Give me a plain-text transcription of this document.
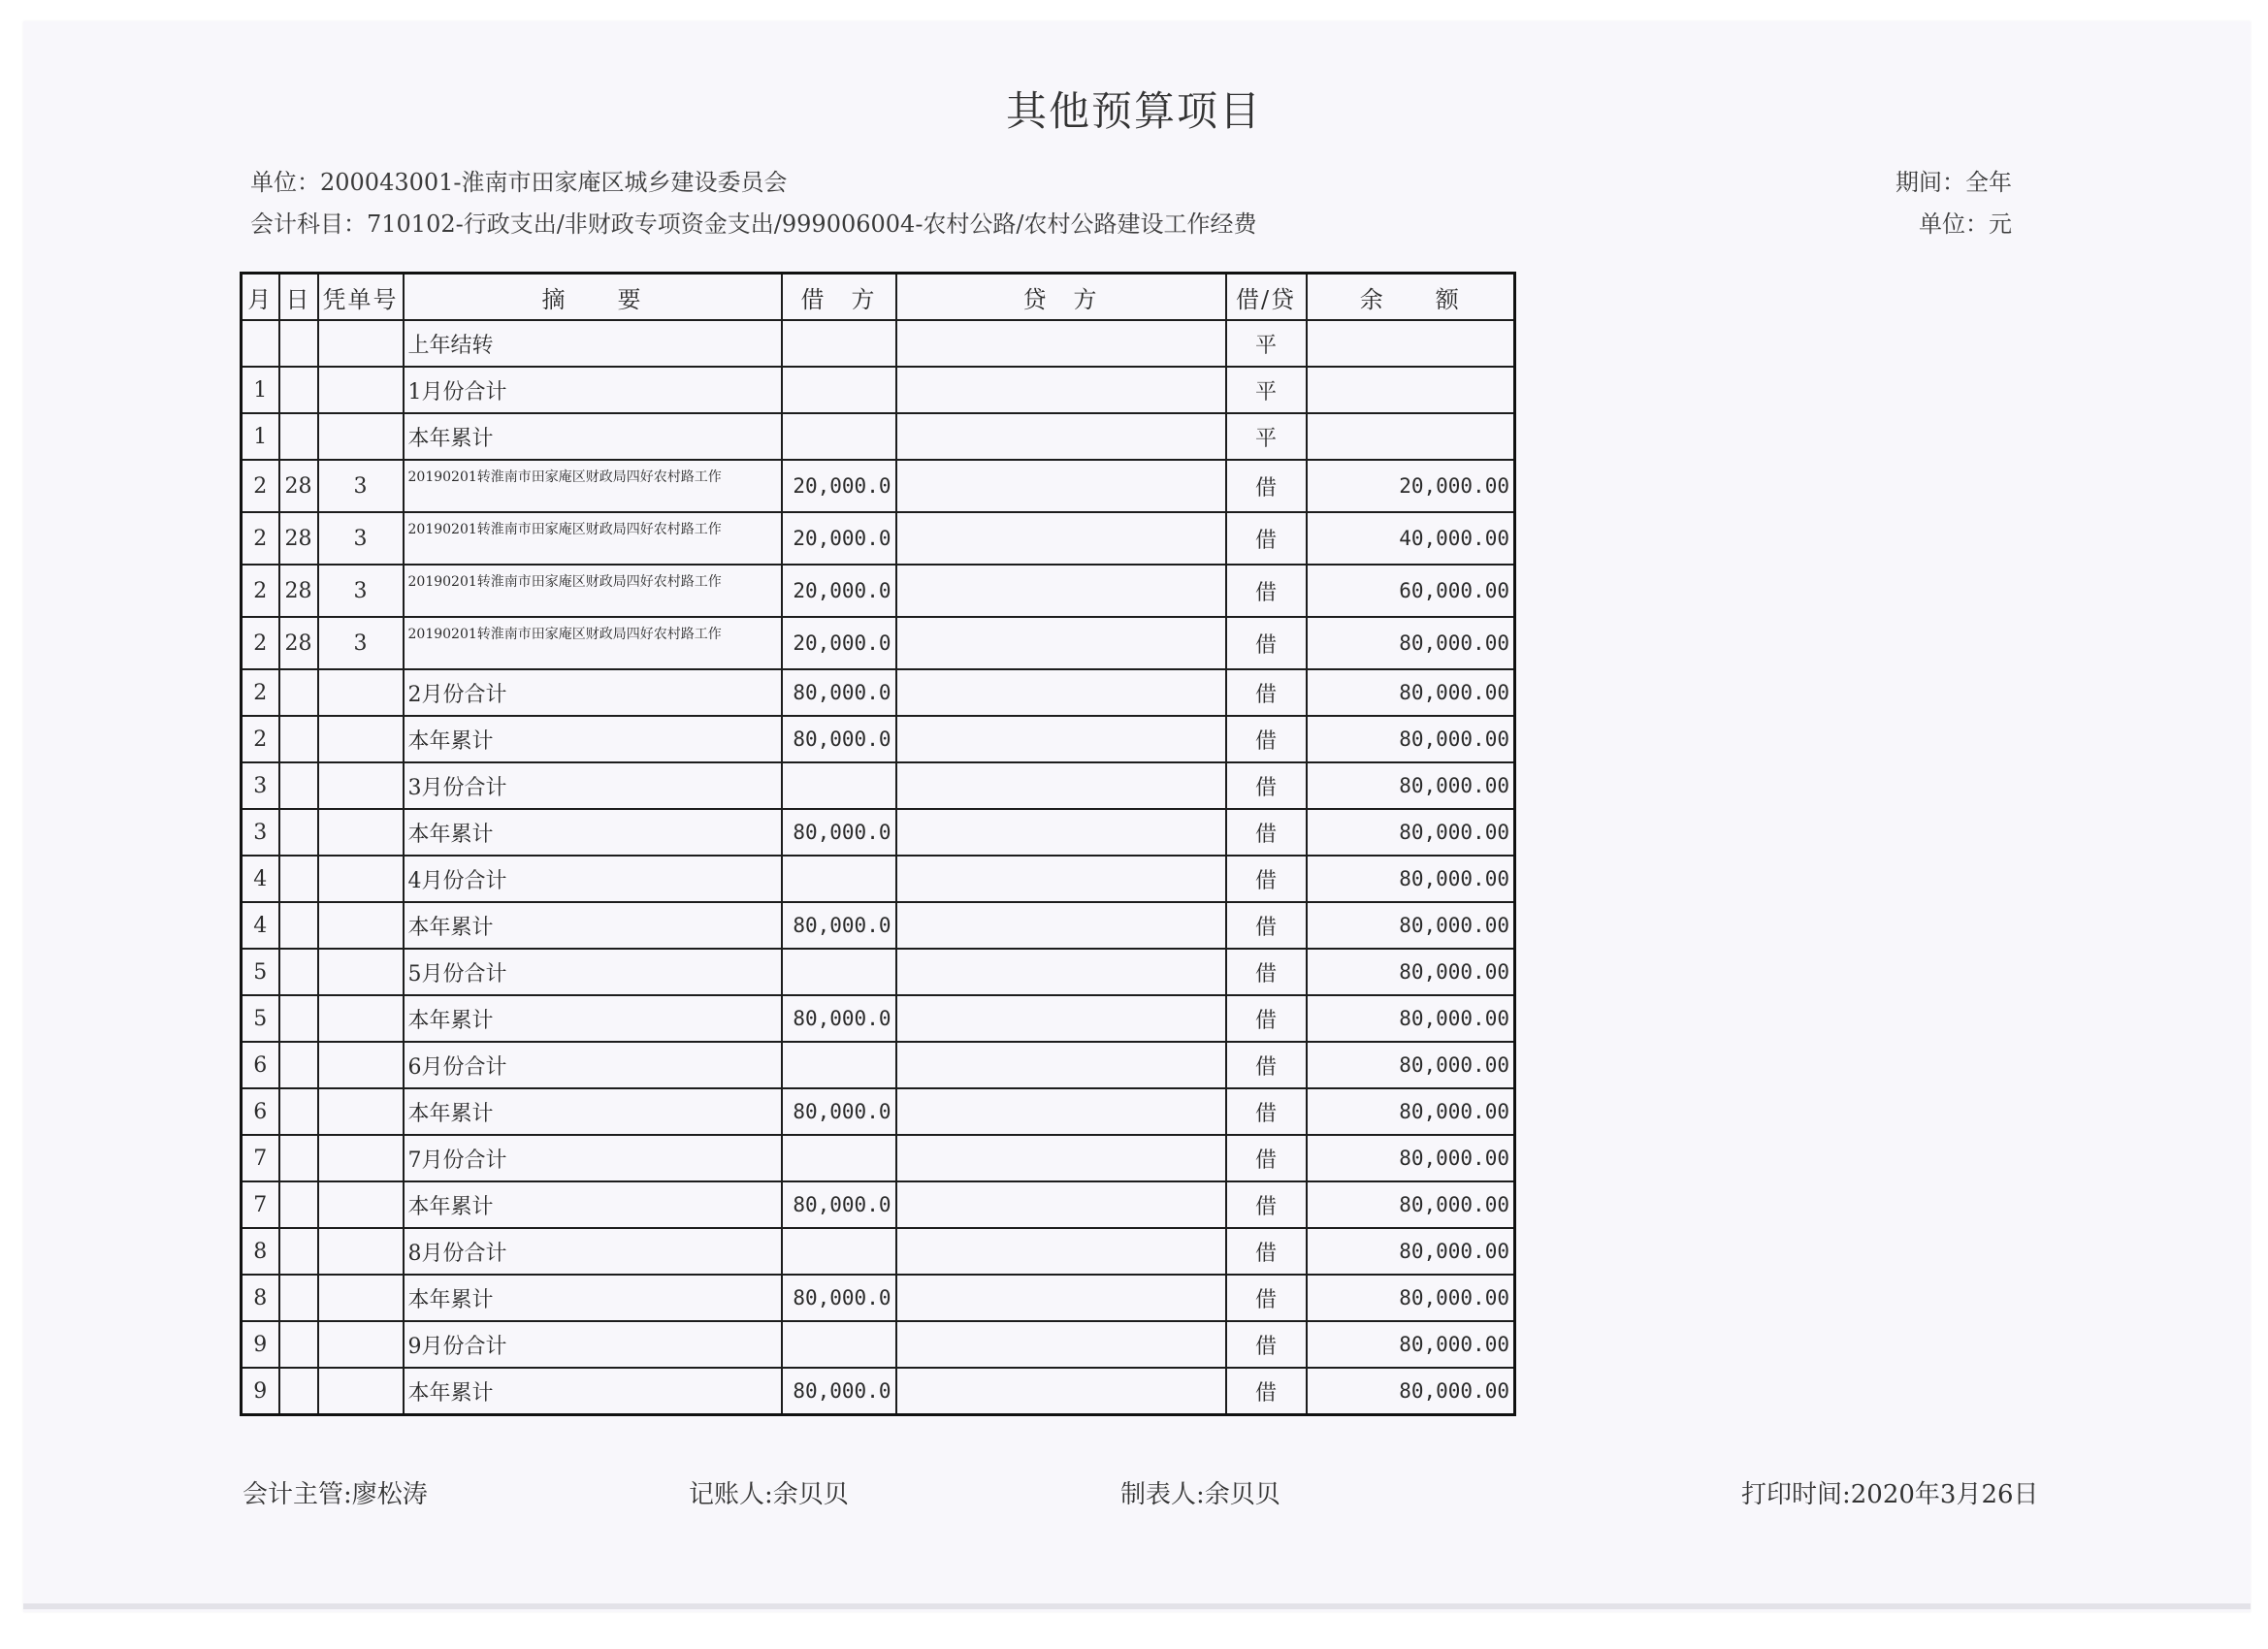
其他预算项目
单位：200043001-淮南市田家庵区城乡建设委员会
会计科目：710102-行政支出/非财政专项资金支出/999006004-农村公路/农村公路建设工作经费
期间：全年
单位：元
月	日	凭单号	摘　　要	借　方	贷　方	借/贷	余　　额
			上年结转			平	
1			1月份合计			平	
1			本年累计			平	
2	28	3	20190201转淮南市田家庵区财政局四好农村路工作	20,000.0		借	20,000.00
2	28	3	20190201转淮南市田家庵区财政局四好农村路工作	20,000.0		借	40,000.00
2	28	3	20190201转淮南市田家庵区财政局四好农村路工作	20,000.0		借	60,000.00
2	28	3	20190201转淮南市田家庵区财政局四好农村路工作	20,000.0		借	80,000.00
2			2月份合计	80,000.0		借	80,000.00
2			本年累计	80,000.0		借	80,000.00
3			3月份合计			借	80,000.00
3			本年累计	80,000.0		借	80,000.00
4			4月份合计			借	80,000.00
4			本年累计	80,000.0		借	80,000.00
5			5月份合计			借	80,000.00
5			本年累计	80,000.0		借	80,000.00
6			6月份合计			借	80,000.00
6			本年累计	80,000.0		借	80,000.00
7			7月份合计			借	80,000.00
7			本年累计	80,000.0		借	80,000.00
8			8月份合计			借	80,000.00
8			本年累计	80,000.0		借	80,000.00
9			9月份合计			借	80,000.00
9			本年累计	80,000.0		借	80,000.00
会计主管:廖松涛	记账人:余贝贝	制表人:余贝贝	打印时间:2020年3月26日
